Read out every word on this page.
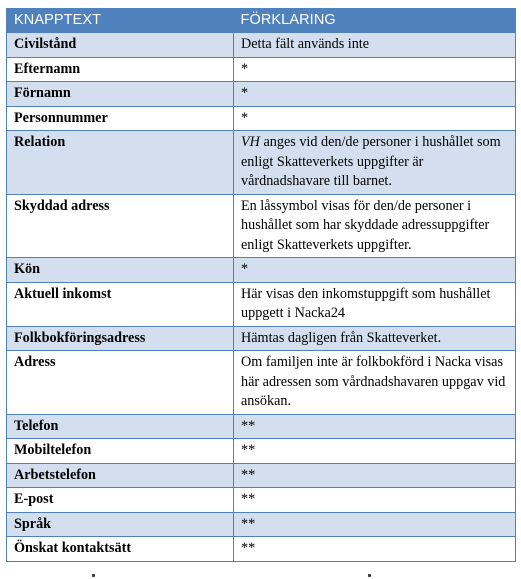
KNAPPTEXT	FÖRKLARING
Civilstånd	Detta fält används inte
Efternamn	*
Förnamn	*
Personnummer	*
Relation	VH anges vid den/de personer i hushållet som enligt Skatteverkets uppgifter är vårdnadshavare till barnet.
Skyddad adress	En låssymbol visas för den/de personer i hushållet som har skyddade adressuppgifter enligt Skatteverkets uppgifter.
Kön	*
Aktuell inkomst	Här visas den inkomstuppgift som hushållet uppgett i Nacka24
Folkbokföringsadress	Hämtas dagligen från Skatteverket.
Adress	Om familjen inte är folkbokförd i Nacka visas här adressen som vårdnadshavaren uppgav vid ansökan.
Telefon	**
Mobiltelefon	**
Arbetstelefon	**
E-post	**
Språk	**
Önskat kontaktsätt	**
